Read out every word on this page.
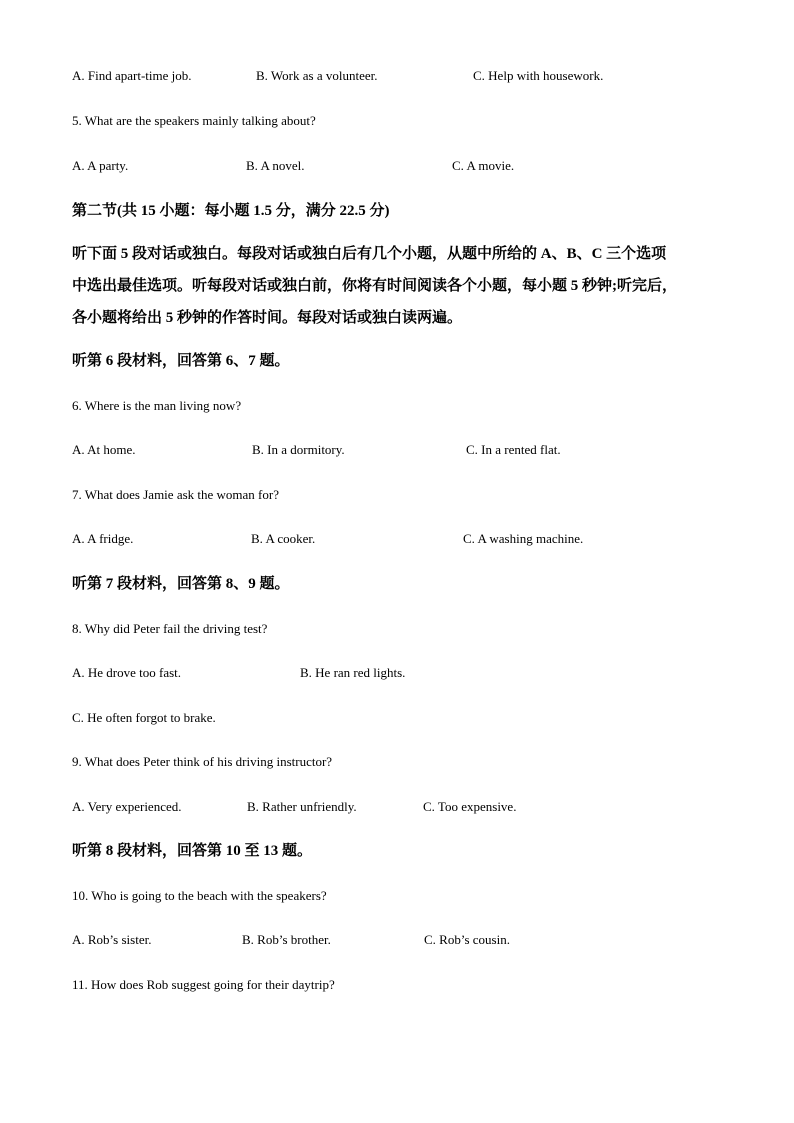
A. Find apart-time job.	B. Work as a volunteer.	C. Help with housework.
5. What are the speakers mainly talking about?
A. A party.	B. A novel.	C. A movie.
第二节(共 15 小题：每小题 1.5 分，满分 22.5 分)
听下面 5 段对话或独白。每段对话或独白后有几个小题，从题中所给的 A、B、C 三个选项
中选出最佳选项。听每段对话或独白前，你将有时间阅读各个小题，每小题 5 秒钟;听完后，
各小题将给出 5 秒钟的作答时间。每段对话或独白读两遍。
听第 6 段材料，回答第 6、7 题。
6. Where is the man living now?
A. At home.	B. In a dormitory.	C. In a rented flat.
7. What does Jamie ask the woman for?
A. A fridge.	B. A cooker.	C. A washing machine.
听第 7 段材料，回答第 8、9 题。
8. Why did Peter fail the driving test?
A. He drove too fast.	B. He ran red lights.
C. He often forgot to brake.
9. What does Peter think of his driving instructor?
A. Very experienced.	B. Rather unfriendly.	C. Too expensive.
听第 8 段材料，回答第 10 至 13 题。
10. Who is going to the beach with the speakers?
A. Rob’s sister.	B. Rob’s brother.	C. Rob’s cousin.
11. How does Rob suggest going for their daytrip?
